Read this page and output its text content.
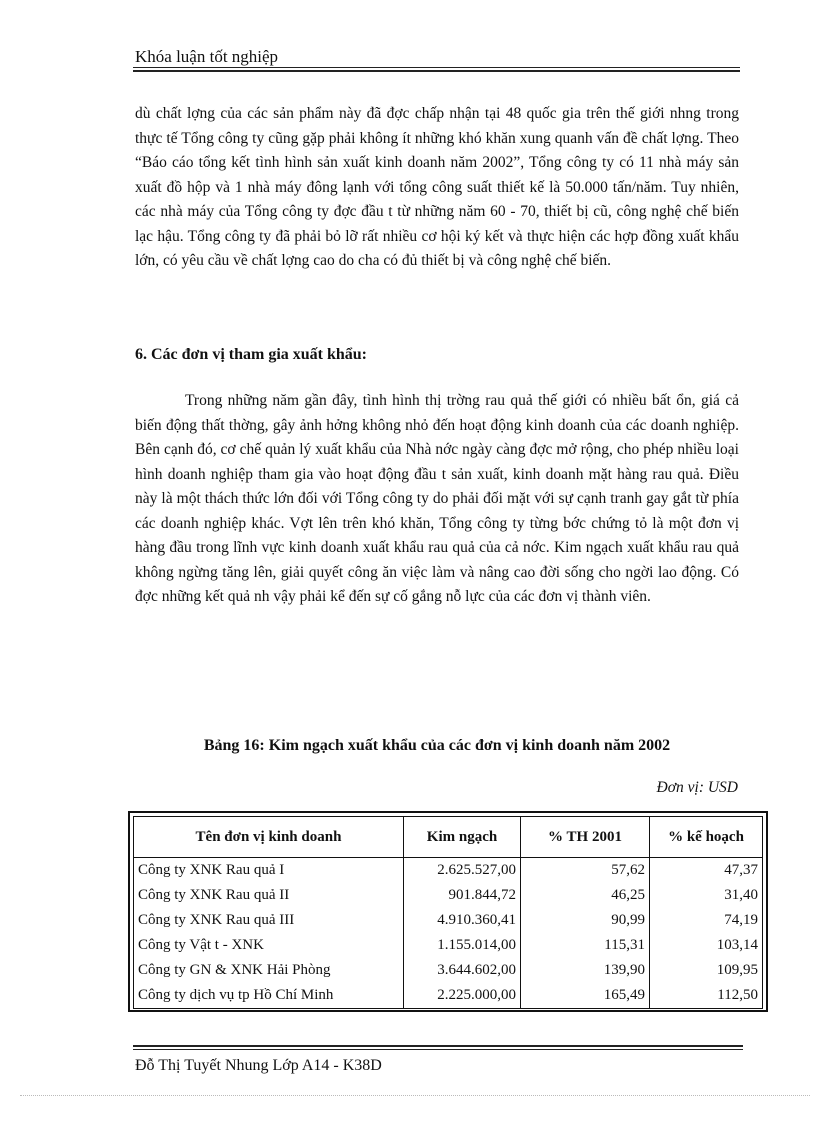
Khóa luận tốt nghiệp

dù chất lợng của các sản phẩm này đã đợc chấp nhận tại 48 quốc gia trên thế giới nhng trong thực tế Tổng công ty cũng gặp phải không ít những khó khăn xung quanh vấn đề chất lợng. Theo “Báo cáo tổng kết tình hình sản xuất kinh doanh năm 2002”, Tổng công ty có 11 nhà máy sản xuất đồ hộp và 1 nhà máy đông lạnh với tổng công suất thiết kế là 50.000 tấn/năm. Tuy nhiên, các nhà máy của Tổng công ty đợc đầu t từ những năm 60 - 70, thiết bị cũ, công nghệ chế biến lạc hậu. Tổng công ty đã phải bỏ lỡ rất nhiều cơ hội ký kết và thực hiện các hợp đồng xuất khẩu lớn, có yêu cầu về chất lợng cao do cha có đủ thiết bị và công nghệ chế biến.

6. Các đơn vị tham gia xuất khẩu:

Trong những năm gần đây, tình hình thị trờng rau quả thế giới có nhiều bất ổn, giá cả biến động thất thờng, gây ảnh hởng không nhỏ đến hoạt động kinh doanh của các doanh nghiệp. Bên cạnh đó, cơ chế quản lý xuất khẩu của Nhà nớc ngày càng đợc mở rộng, cho phép nhiều loại hình doanh nghiệp tham gia vào hoạt động đầu t sản xuất, kinh doanh mặt hàng rau quả. Điều này là một thách thức lớn đối với Tổng công ty do phải đối mặt với sự cạnh tranh gay gắt từ phía các doanh nghiệp khác. Vợt lên trên khó khăn, Tổng công ty từng bớc chứng tỏ là một đơn vị hàng đầu trong lĩnh vực kinh doanh xuất khẩu rau quả của cả nớc. Kim ngạch xuất khẩu rau quả không ngừng tăng lên, giải quyết công ăn việc làm và nâng cao đời sống cho ngời lao động. Có đợc những kết quả nh vậy phải kể đến sự cố gắng nỗ lực của các đơn vị thành viên.

Bảng 16: Kim ngạch xuất khẩu của các đơn vị kinh doanh năm 2002
Đơn vị: USD
Tên đơn vị kinh doanh	Kim ngạch	% TH 2001	% kế hoạch
Công ty XNK Rau quả I	2.625.527,00	57,62	47,37
Công ty XNK Rau quả II	901.844,72	46,25	31,40
Công ty XNK Rau quả III	4.910.360,41	90,99	74,19
Công ty Vật t - XNK	1.155.014,00	115,31	103,14
Công ty GN & XNK Hải Phòng	3.644.602,00	139,90	109,95
Công ty dịch vụ tp Hồ Chí Minh	2.225.000,00	165,49	112,50
Đỗ Thị Tuyết Nhung Lớp A14 - K38D
